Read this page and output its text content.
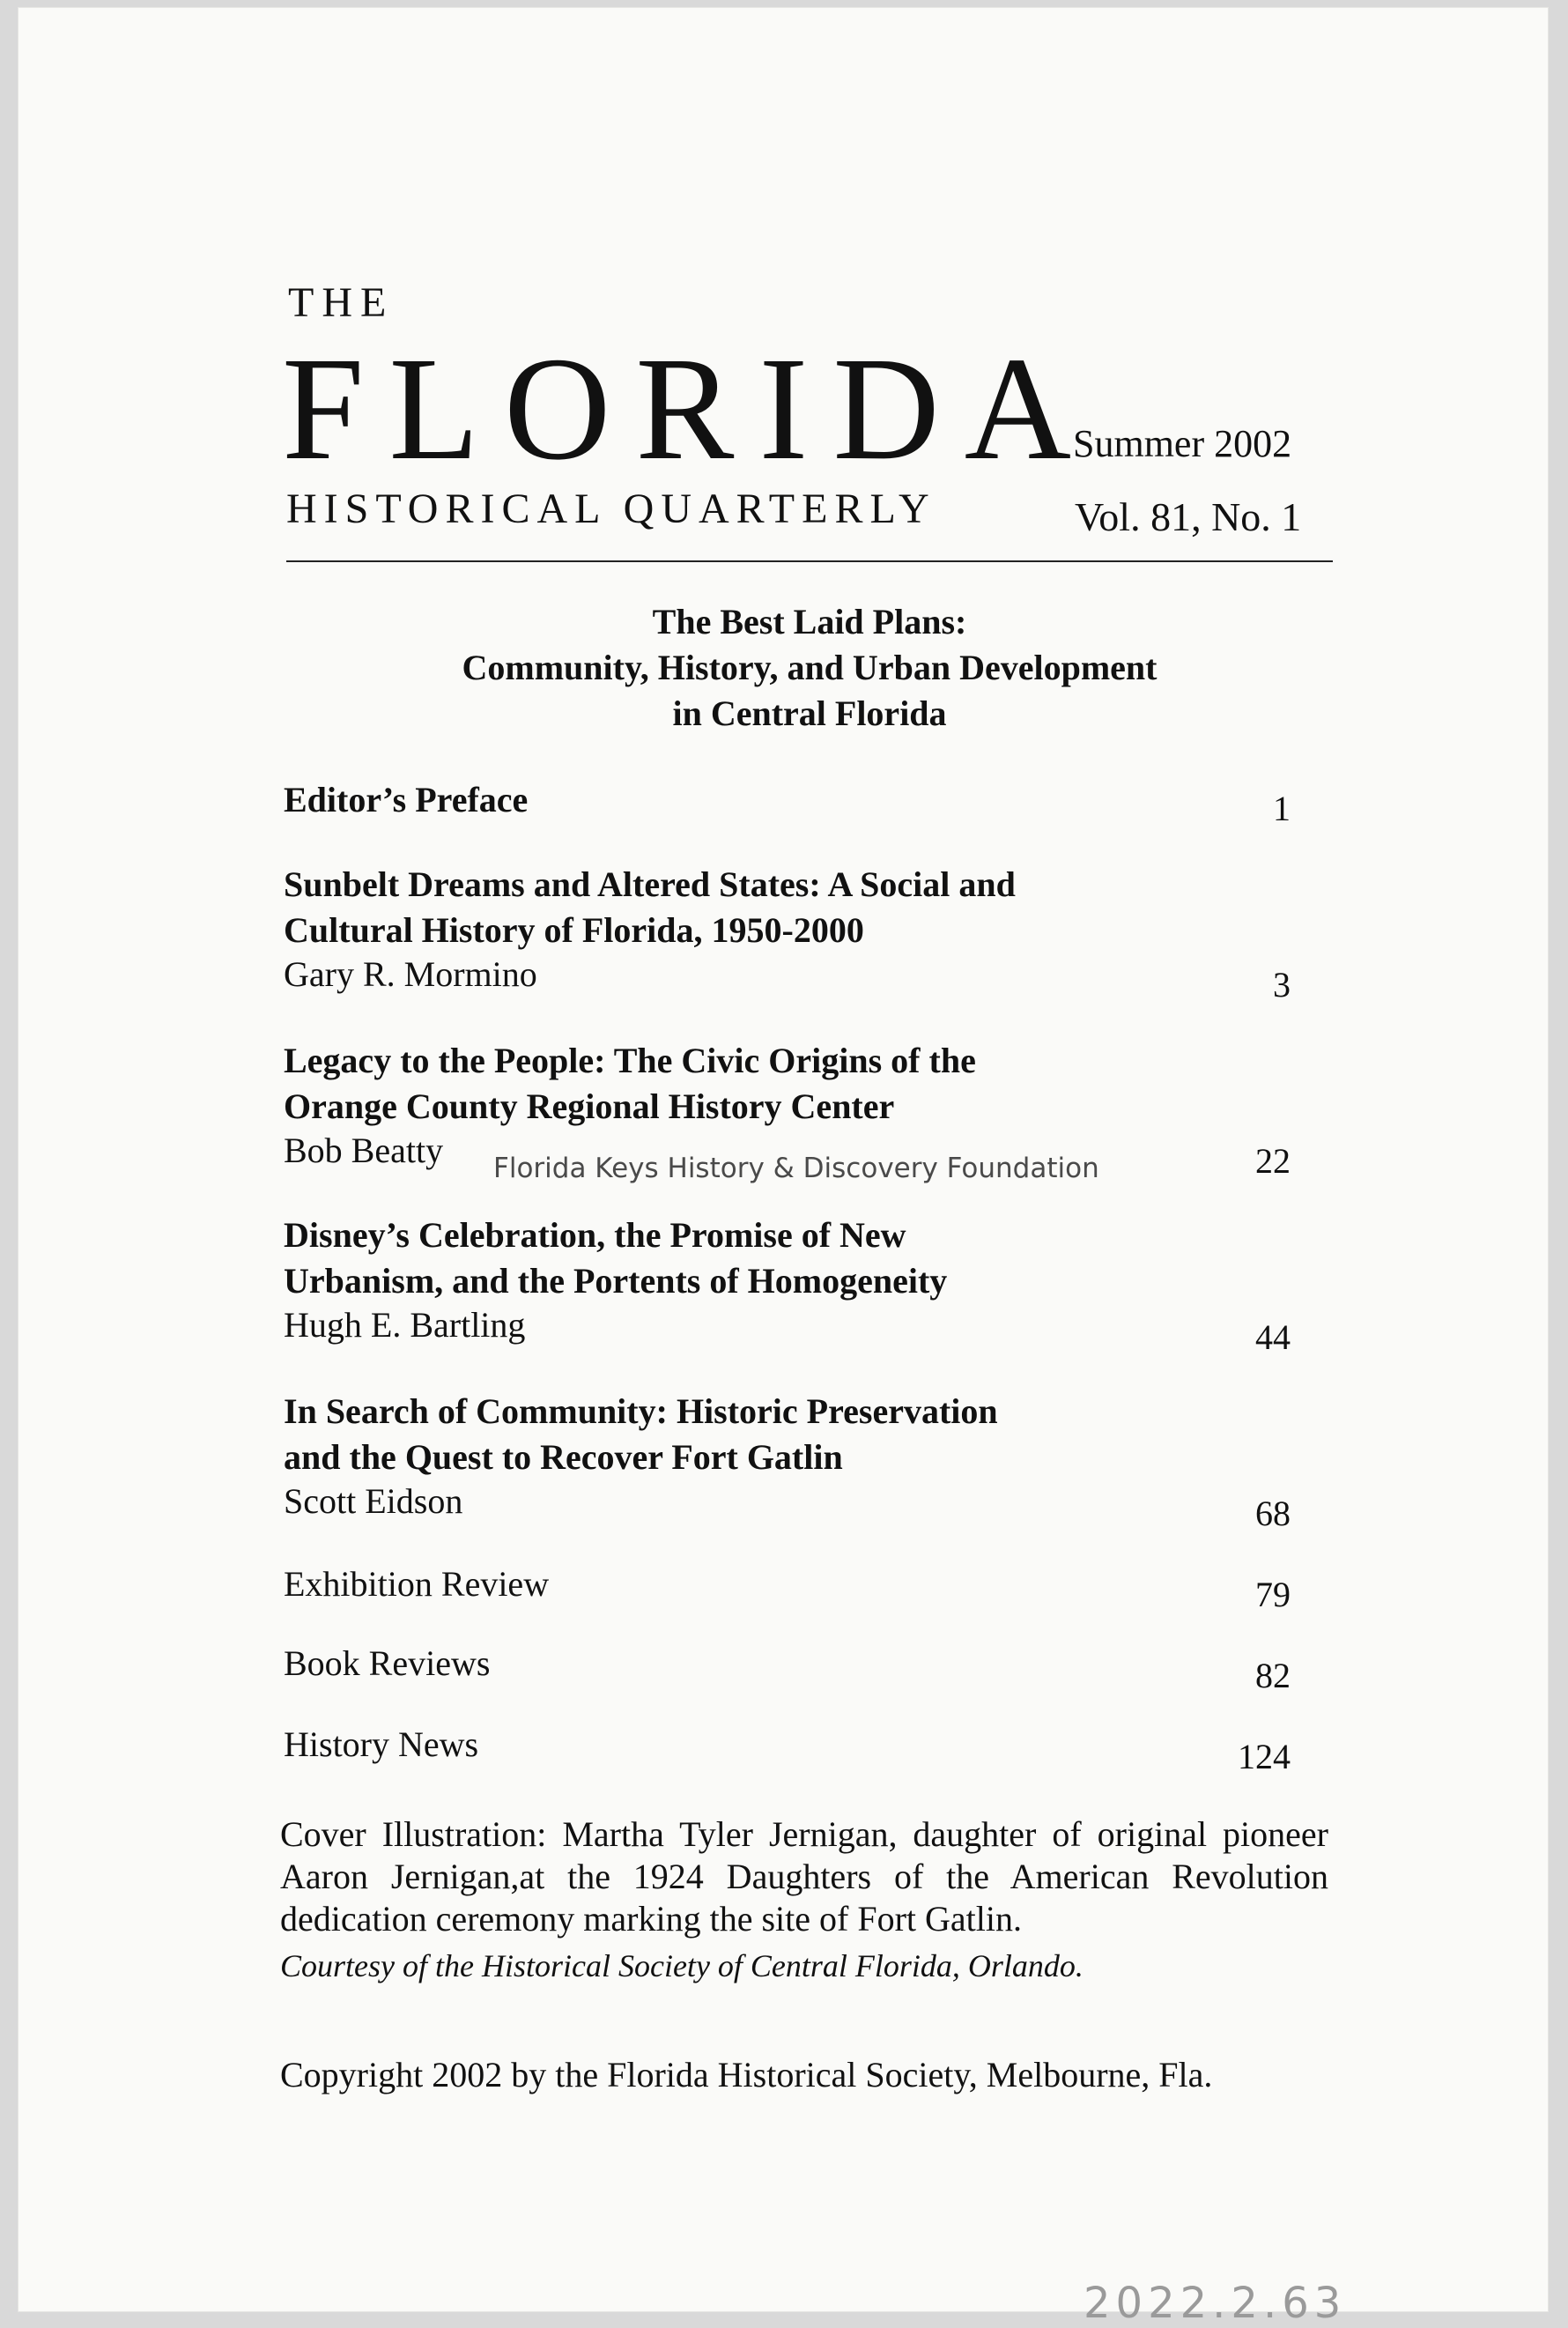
THE
FLORIDA
Summer 2002
HISTORICAL QUARTERLY	Vol. 81, No. 1
The Best Laid Plans:
Community, History, and Urban Development
in Central Florida
Editor’s Preface	1
Sunbelt Dreams and Altered States: A Social and
Cultural History of Florida, 1950-2000
Gary R. Mormino	3
Legacy to the People: The Civic Origins of the
Orange County Regional History Center
Bob Beatty	22
Disney’s Celebration, the Promise of New
Urbanism, and the Portents of Homogeneity
Hugh E. Bartling	44
In Search of Community: Historic Preservation
and the Quest to Recover Fort Gatlin
Scott Eidson	68
Exhibition Review	79
Book Reviews	82
History News	124
Florida Keys History & Discovery Foundation
Cover Illustration: Martha Tyler Jernigan, daughter of original pioneer Aaron Jernigan,at the 1924 Daughters of the American Revolution dedication ceremony marking the site of Fort Gatlin.
Courtesy of the Historical Society of Central Florida, Orlando.
Copyright 2002 by the Florida Historical Society, Melbourne, Fla.
2022.2.63
